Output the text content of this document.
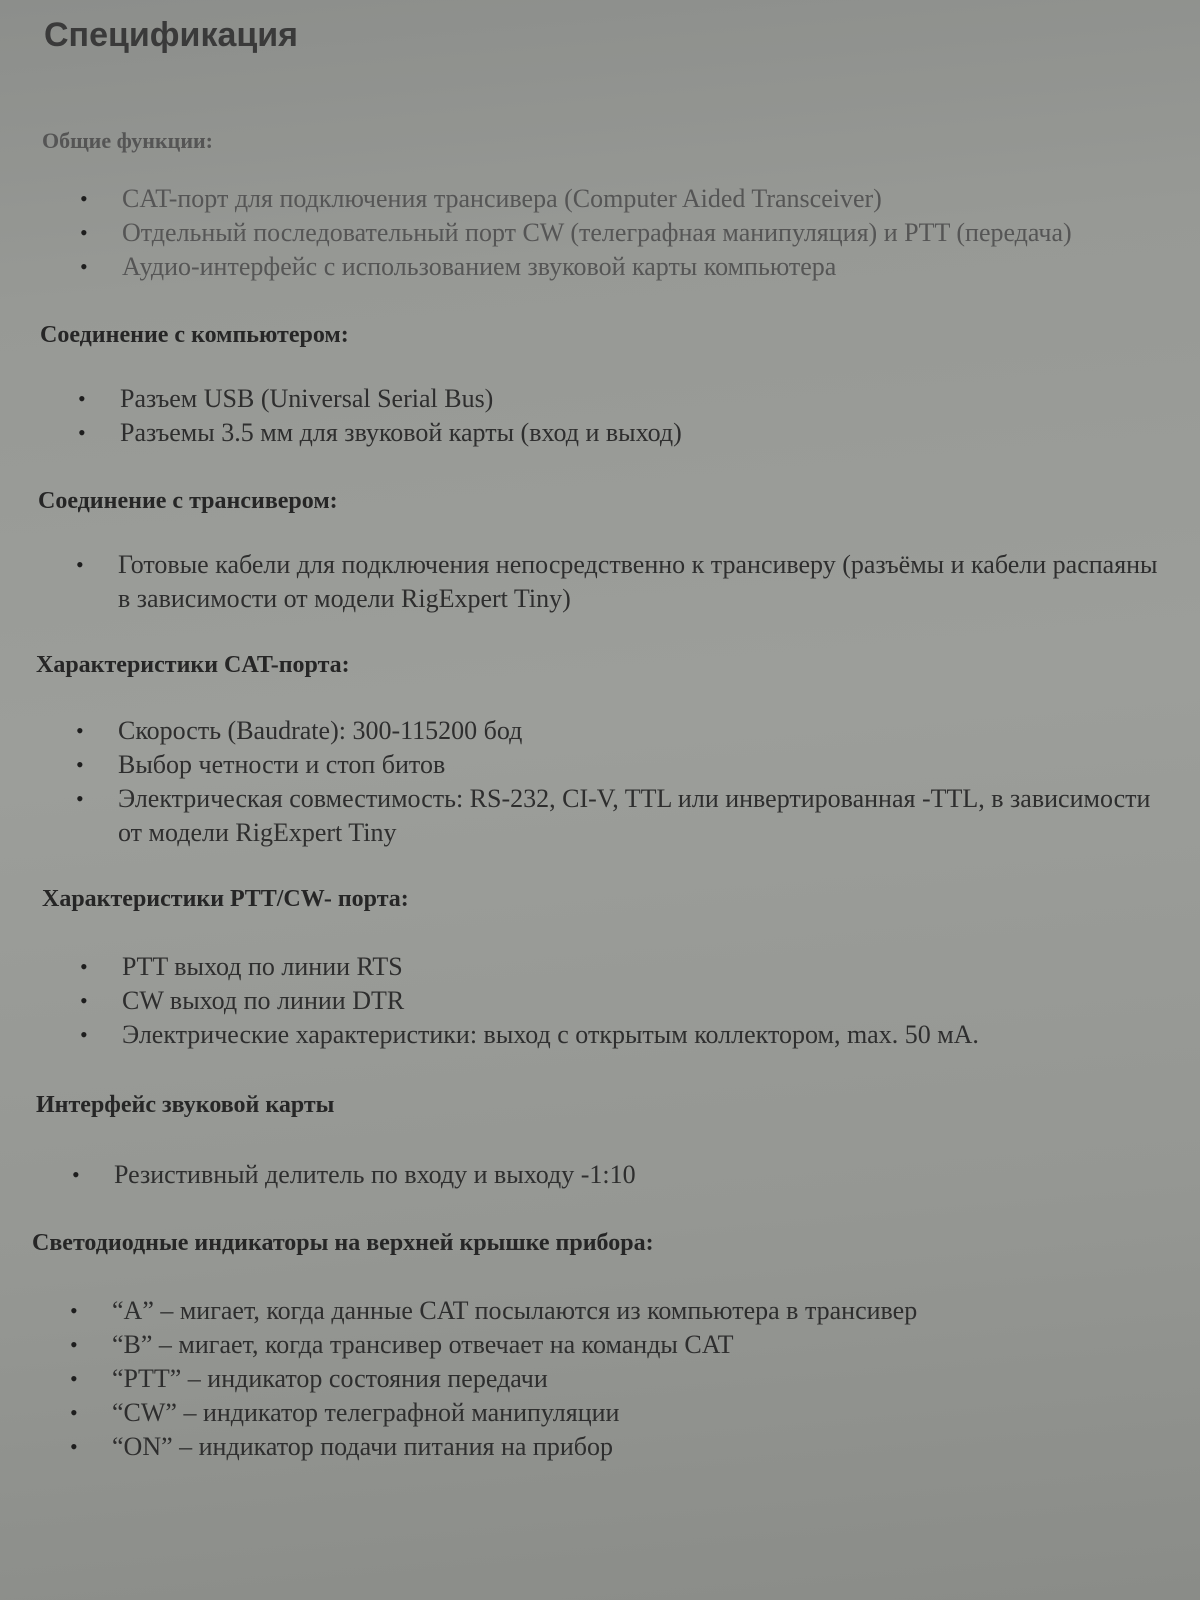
Спецификация
Общие функции:
•	CAT-порт для подключения трансивера (Computer Aided Transceiver)
•	Отдельный последовательный порт CW (телеграфная манипуляция) и PTT (передача)
•	Аудио-интерфейс с использованием звуковой карты компьютера
Соединение с компьютером:
•	Разъем USB (Universal Serial Bus)
•	Разъемы 3.5 мм для звуковой карты (вход и выход)
Соединение с трансивером:
•	Готовые кабели для подключения непосредственно к трансиверу (разъёмы и кабели распаяны в зависимости от модели RigExpert Tiny)
Характеристики CAT-порта:
•	Скорость (Baudrate): 300-115200 бод
•	Выбор четности и стоп битов
•	Электрическая совместимость: RS-232, CI-V, TTL или инвертированная -TTL, в зависимости от модели RigExpert Tiny
Характеристики PTT/CW- порта:
•	PTT выход по линии RTS
•	CW выход по линии DTR
•	Электрические характеристики: выход с открытым коллектором, max. 50 мА.
Интерфейс звуковой карты
•	Резистивный делитель по входу и выходу -1:10
Светодиодные индикаторы на верхней крышке прибора:
•	“A” – мигает, когда данные CAT посылаются из компьютера в трансивер
•	“B” – мигает, когда трансивер отвечает на команды CAT
•	“PTT” – индикатор состояния передачи
•	“CW” – индикатор телеграфной манипуляции
•	“ON” – индикатор подачи питания на прибор
